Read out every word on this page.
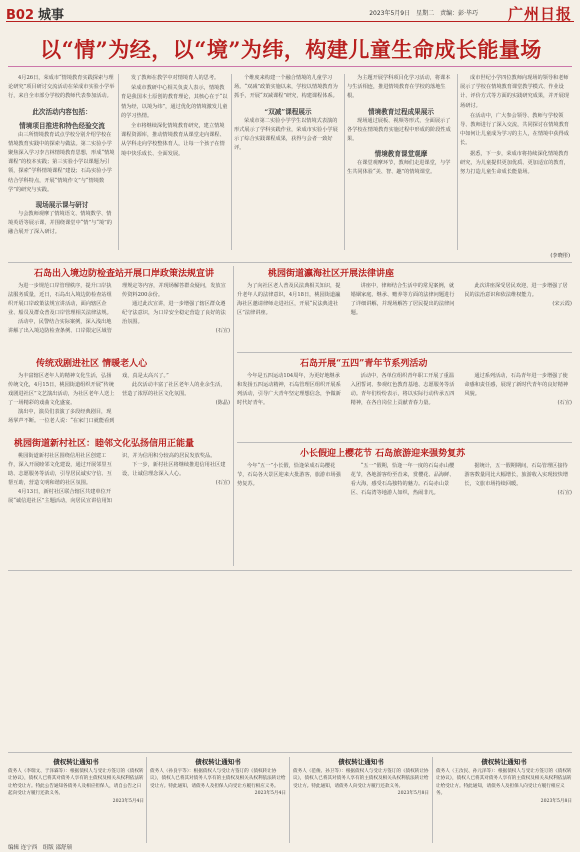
B02 城事	2023年5月9日　星期二　责编：彭·毕巧 广州日报
以“情”为经，以“境”为纬，构建儿童生命成长能量场

4月26日，荣成市“情境教育实践探索与理论研究”项目研讨交流活动在荣成市实验小学举行，来自全市部分学校的教师代表参加活动。

此次活动内容包括：

情境项目推进和特色经验交流

由三所情境教育试点学校分别介绍学校在情境教育实践中的探索与做法。第二实验小学聚焦深入学习李吉林情境教育思想，形成“情境课程”的校本实践；第三实验小学以课题为引领，探索“学科情境课程”建设；石岛实验小学结合学科特点，开展“情境作文”与“情境数学”的研究与实践。

现场展示课与研讨

与会教师观摩了情境语文、情境数学、情境英语等展示课，并围绕课堂中“情”与“境”的融合展开了深入研讨。

发了教师在教学中对情境育人的思考。

荣成市教研中心相关负责人表示，情境教育是我国本土原创的教育理论，其核心在于“以情为经，以境为纬”，通过优化的情境激发儿童的学习热情。

全市将继续深化情境教育研究，建立情境课程资源库，推动情境教育从课堂走向课程、从学科走向学校整体育人，让每一个孩子在情境中快乐成长、全面发展。

个维度来构建一个融合情境的儿童学习场。“双减”政策实施以来，学校以情境教育为抓手，开展“双减课程”研究，构建课程体系。

“双减”课程展示

荣成市第二实验小学学生以情境式表演的形式展示了学科实践作业，荣成市实验小学展示了综合实践课程成果，获得与会者一致好评。

为主题开展学科项目化学习活动，将课本与生活相连，推进情境教育在学校的落地生根。

情境教育过程成果展示

现场通过展板、视频等形式，全面展示了各学校在情境教育实施过程中形成的阶段性成果。

情境教育课堂观摩

在课堂观摩环节，教师们走进课堂，与学生共同体验“美、智、趣”的情境课堂。

成市世纪小学四位教师向现场的领导和老师展示了学校在情境教育课堂教学模式、作业设计、评价方式等方面的实践研究成果，并开展现场研讨。

在活动中，广大参会领导、教师与学校领导、教师进行了深入交流，共同探讨在情境教育中如何让儿童成为学习的主人，在情境中获得成长。

据悉，下一步，荣成市将持续深化情境教育研究，为儿童提供更加优质、更加适宜的教育，努力打造儿童生命成长能量场。

(李晓彤)
石岛出入境边防检查站开展口岸政策法规宣讲

为进一步规范口岸管理秩序，提升口岸执法服务质量，近日，石岛出入境边防检查站组织开展口岸政策法规宣讲活动，面向辖区企业、船员及群众普及口岸管理相关法律法规。

活动中，民警结合实际案例，深入浅出地讲解了出入境边防检查条例、口岸限定区域管理规定等内容，并现场解答群众疑问，发放宣传资料200余份。

通过此次宣讲，进一步增强了辖区群众遵纪守法意识，为口岸安全稳定营造了良好的法治氛围。

(石宣)

传统戏剧进社区 情暖老人心

为丰富辖区老年人的精神文化生活，弘扬传统文化，4月15日，桃园街道组织开展“传统戏剧进社区”文艺演出活动，为社区老年人送上了一场精彩的戏曲文化盛宴。

演出中，演员们表演了多段经典剧目，现场掌声不断。一位老人说：“在家门口就能看到戏，真是太高兴了。”

此次活动丰富了社区老年人的业余生活，营造了浓厚的社区文化氛围。

(陈晶)

桃园街道新村社区：睦邻文化弘扬信用正能量

桃园街道新村社区围绕信用社区创建工作，深入开展睦邻文化建设，通过开展邻里互助、志愿服务等活动，引导居民诚实守信、互帮互助，营造文明和谐的社区氛围。

4月13日，新村社区联合辖区共建单位开展“诚信进社区”主题活动，向居民宣讲信用知识，并为信用积分较高的居民发放奖品。

下一步，新村社区将继续推进信用社区建设，让诚信理念深入人心。

(石宣)

桃园街道瀛海社区开展法律讲座

为了向社区老人普及民法典相关知识，提升老年人的法律意识，4月18日，桃园街道瀛海社区邀请律师走进社区，开展“民法典进社区”法律讲座。

讲座中，律师结合生活中的常见案例，就婚姻家庭、继承、赡养等方面的法律问题进行了详细讲解，并现场解答了居民提出的法律问题。

此次讲座深受居民欢迎，进一步增强了居民的法治意识和依法维权能力。

(宋云霞)

石岛开展“五四”青年节系列活动

今年是五四运动104周年，为更好地继承和发扬五四运动精神，石岛管理区组织开展系列活动，引导广大青年坚定理想信念，争做新时代好青年。

活动中，各单位组织青年职工开展了重温入团誓词、参观红色教育基地、志愿服务等活动。青年们纷纷表示，将以实际行动传承五四精神，在各自岗位上贡献青春力量。

通过系列活动，石岛青年进一步增强了使命感和责任感，展现了新时代青年的良好精神风貌。

(石宣)

小长假迎上樱花节 石岛旅游迎来强势复苏

今年“五一”小长假，恰逢荣成石岛樱花节，石岛各大景区迎来大批游客，旅游市场强势复苏。

“五一”假期，恰逢一年一度的石岛赤山樱花节，各地游客纷至沓来，赏樱花、品海鲜、看大海，感受石岛独特的魅力。石岛赤山景区、石岛湾等地游人如织，热闹非凡。

据统计，五一假期期间，石岛管理区接待游客数量同比大幅增长，旅游收入实现较快增长，文旅市场持续回暖。

(石宣)

债权转让通知书

债务人（李瑞文、于泽霖等）：根据债权人与受让方签订的《债权转让协议》，债权人已将其对债务人享有的主债权及相关从权利依法转让给受让方。特此公告通知各债务人及相应担保人，请自公告之日起向受让方履行还款义务。

2023年5月4日

债权转让通知书

债务人（孙良宇等）：根据债权人与受让方签订的《债权转让协议》，债权人已将其对债务人享有的主债权及相关从权利依法转让给受让方。特此通知，请债务人及担保人向受让方履行相应义务。

2023年5月4日

债权转让通知书

债务人（范俊、孙卫等）：根据债权人与受让方签订的《债权转让协议》，债权人已将其对债务人享有的主债权及相关从权利依法转让给受让方。特此通知，请债务人向受让方履行还款义务。

2023年5月8日

债权转让通知书

债务人（王汝民、孙元泽等）：根据债权人与受让方签订的《债权转让协议》，债权人已将其对债务人享有的主债权及相关从权利依法转让给受让方。特此通知，请债务人及担保人向受让方履行相应义务。

2023年5月8日

编辑 连宁西　组版 邵舒颀
